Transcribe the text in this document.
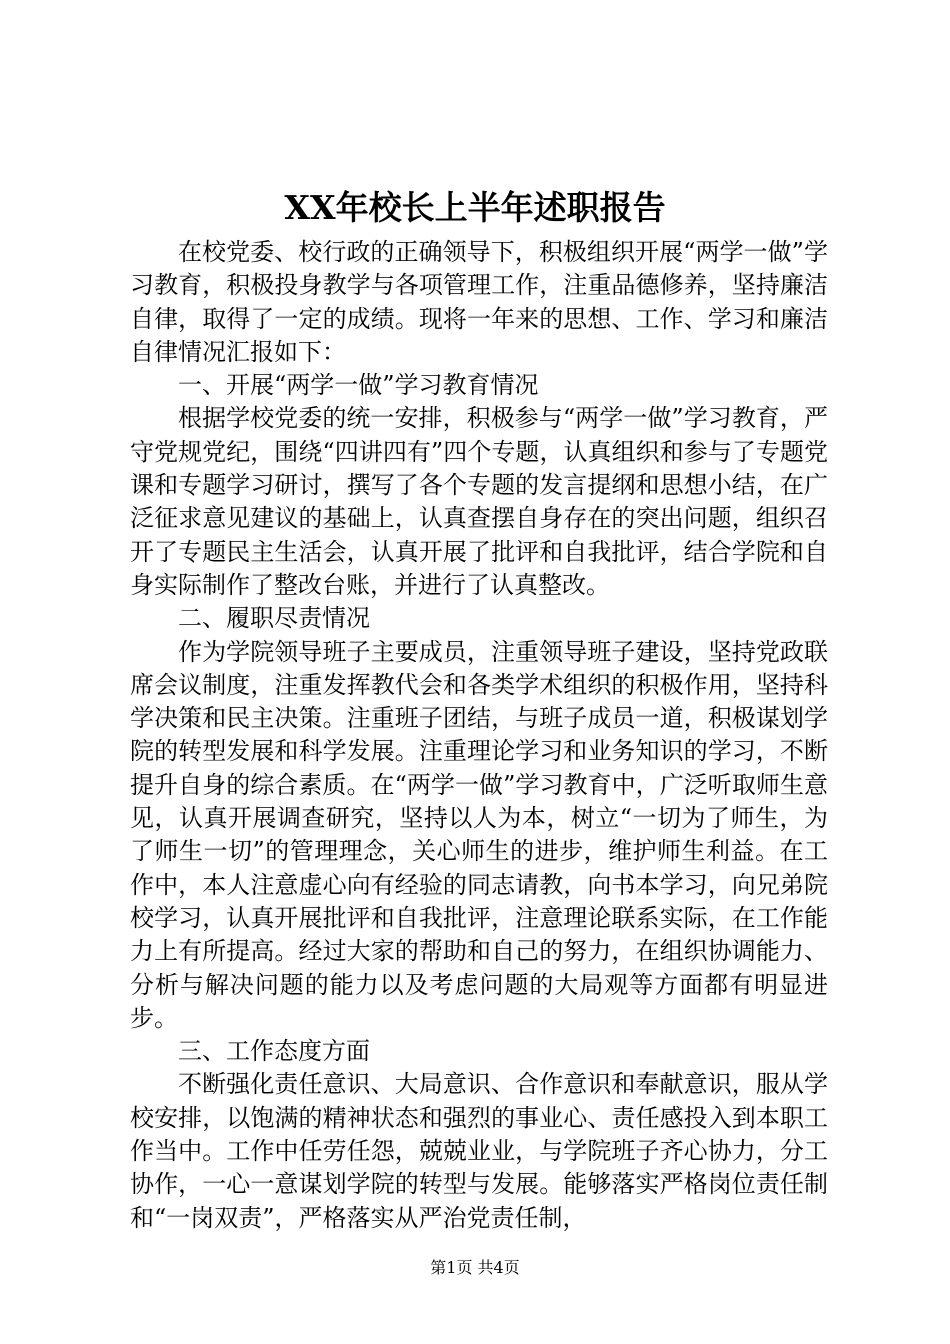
XX年校长上半年述职报告

在校党委、校行政的正确领导下，积极组织开展“两学一做”学习教育，积极投身教学与各项管理工作，注重品德修养，坚持廉洁自律，取得了一定的成绩。现将一年来的思想、工作、学习和廉洁自律情况汇报如下：

一、开展“两学一做”学习教育情况

根据学校党委的统一安排，积极参与“两学一做”学习教育，严守党规党纪，围绕“四讲四有”四个专题，认真组织和参与了专题党课和专题学习研讨，撰写了各个专题的发言提纲和思想小结，在广泛征求意见建议的基础上，认真查摆自身存在的突出问题，组织召开了专题民主生活会，认真开展了批评和自我批评，结合学院和自身实际制作了整改台账，并进行了认真整改。

二、履职尽责情况

作为学院领导班子主要成员，注重领导班子建设，坚持党政联席会议制度，注重发挥教代会和各类学术组织的积极作用，坚持科学决策和民主决策。注重班子团结，与班子成员一道，积极谋划学院的转型发展和科学发展。注重理论学习和业务知识的学习，不断提升自身的综合素质。在“两学一做”学习教育中，广泛听取师生意见，认真开展调查研究，坚持以人为本，树立“一切为了师生，为了师生一切”的管理理念，关心师生的进步，维护师生利益。在工作中，本人注意虚心向有经验的同志请教，向书本学习，向兄弟院校学习，认真开展批评和自我批评，注意理论联系实际，在工作能力上有所提高。经过大家的帮助和自己的努力，在组织协调能力、分析与解决问题的能力以及考虑问题的大局观等方面都有明显进步。

三、工作态度方面

不断强化责任意识、大局意识、合作意识和奉献意识，服从学校安排，以饱满的精神状态和强烈的事业心、责任感投入到本职工作当中。工作中任劳任怨，兢兢业业，与学院班子齐心协力，分工协作，一心一意谋划学院的转型与发展。能够落实严格岗位责任制和“一岗双责”，严格落实从严治党责任制，

第1页 共4页
